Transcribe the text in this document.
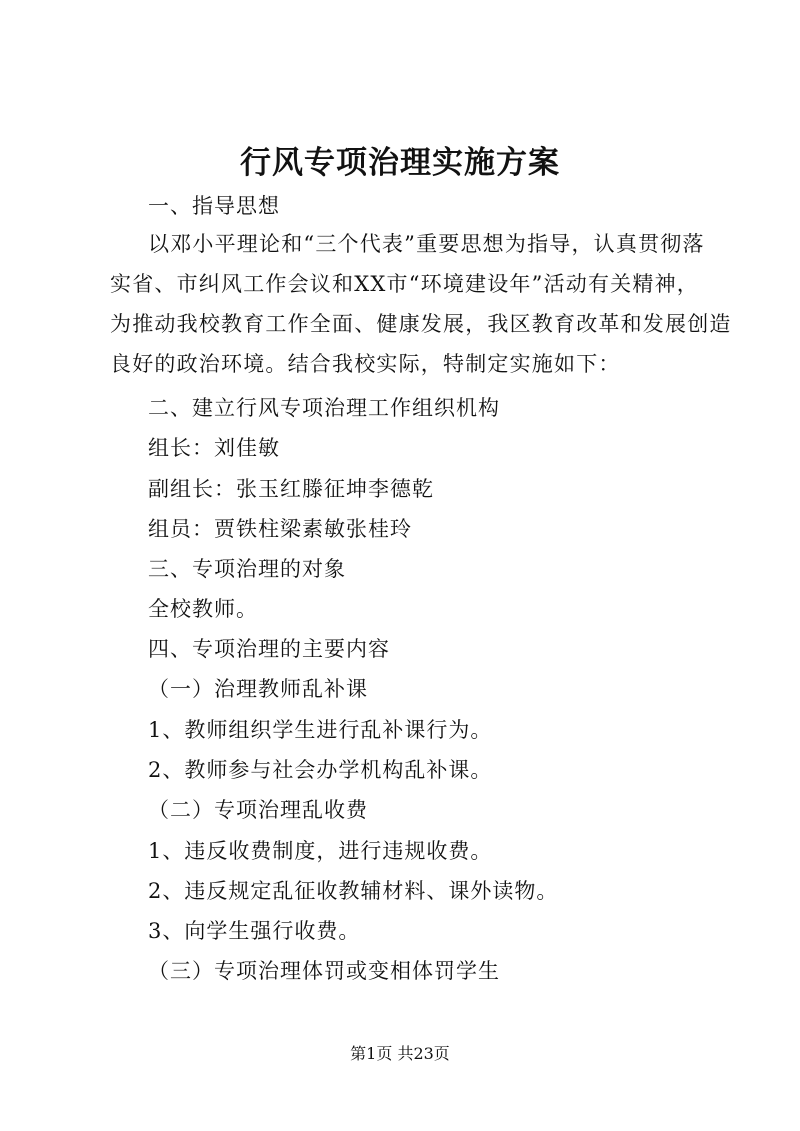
行风专项治理实施方案
一、指导思想
以邓小平理论和“三个代表”重要思想为指导，认真贯彻落
实省、市纠风工作会议和XX市“环境建设年”活动有关精神，
为推动我校教育工作全面、健康发展，我区教育改革和发展创造
良好的政治环境。结合我校实际，特制定实施如下：
二、建立行风专项治理工作组织机构
组长：刘佳敏
副组长：张玉红滕征坤李德乾
组员：贾铁柱梁素敏张桂玲
三、专项治理的对象
全校教师。
四、专项治理的主要内容
（一）治理教师乱补课
1、教师组织学生进行乱补课行为。
2、教师参与社会办学机构乱补课。
（二）专项治理乱收费
1、违反收费制度，进行违规收费。
2、违反规定乱征收教辅材料、课外读物。
3、向学生强行收费。
（三）专项治理体罚或变相体罚学生
第1页 共23页
